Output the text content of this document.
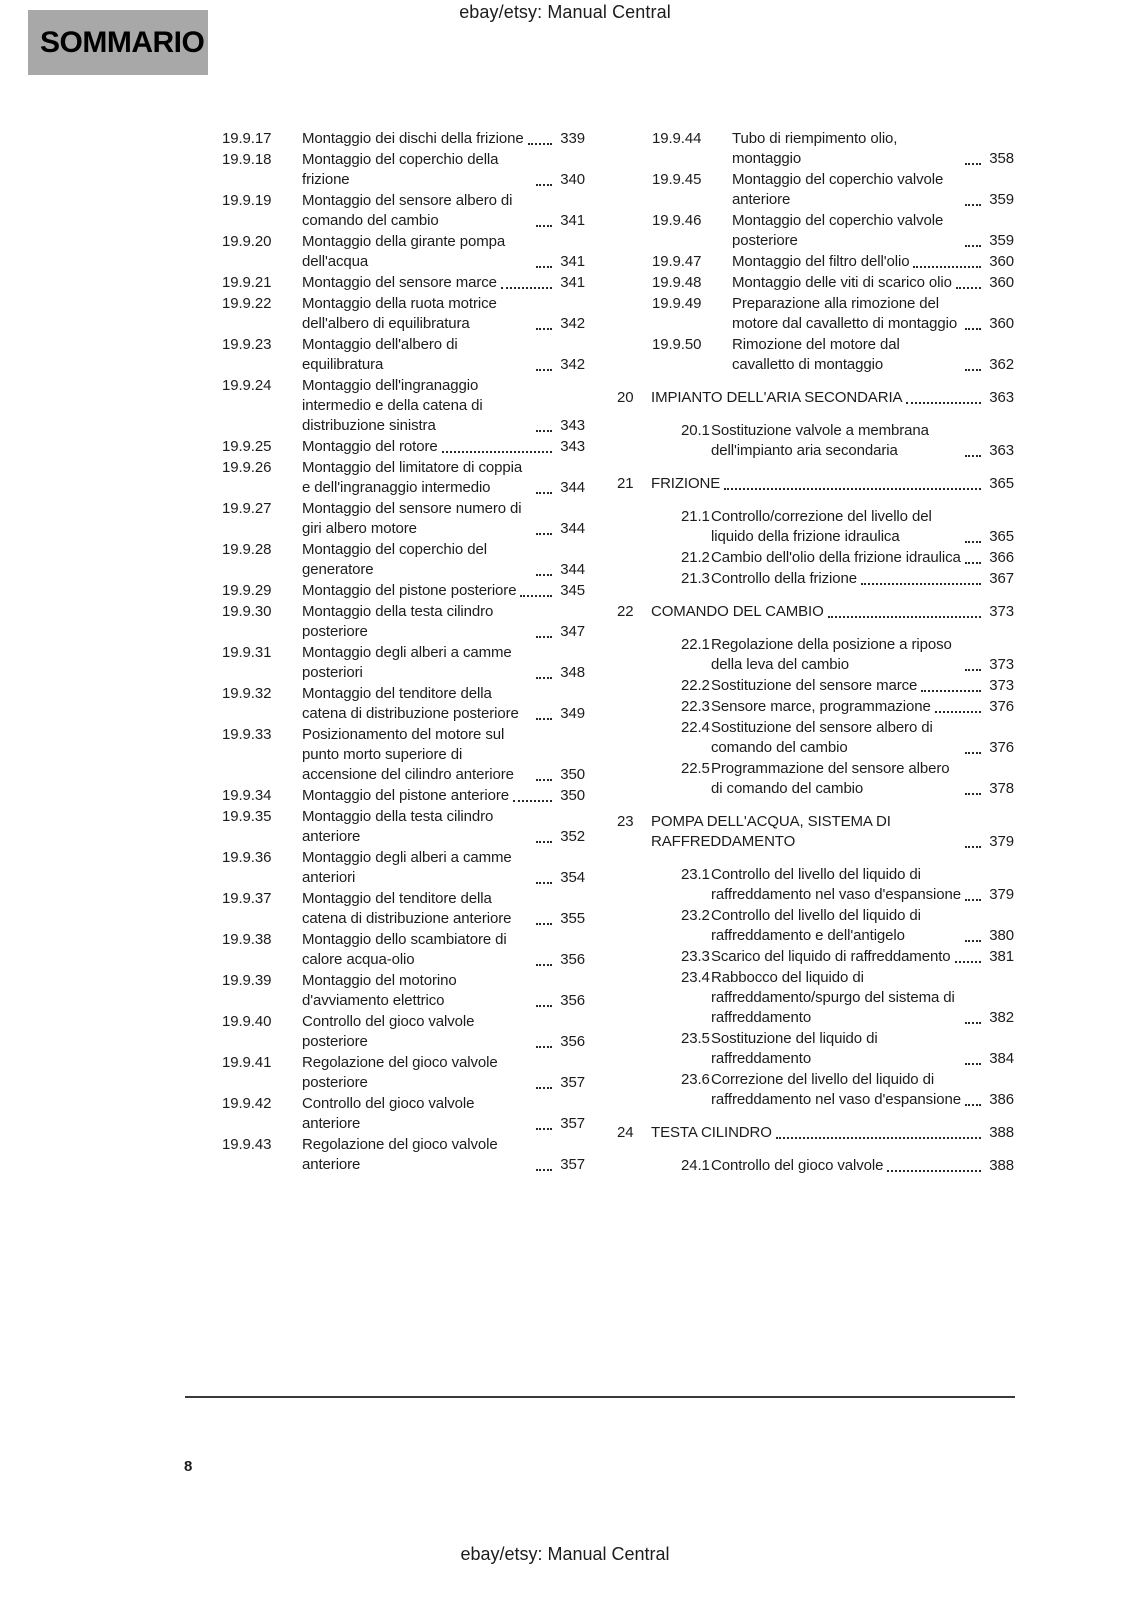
ebay/etsy: Manual Central
SOMMARIO
19.9.17	Montaggio dei dischi della frizione	339
19.9.18	Montaggio del coperchio della frizione	340
19.9.19	Montaggio del sensore albero di comando del cambio	341
19.9.20	Montaggio della girante pompa dell'acqua	341
19.9.21	Montaggio del sensore marce	341
19.9.22	Montaggio della ruota motrice dell'albero di equilibratura	342
19.9.23	Montaggio dell'albero di equilibratura	342
19.9.24	Montaggio dell'ingranaggio intermedio e della catena di distribuzione sinistra	343
19.9.25	Montaggio del rotore	343
19.9.26	Montaggio del limitatore di coppia e dell'ingranaggio intermedio	344
19.9.27	Montaggio del sensore numero di giri albero motore	344
19.9.28	Montaggio del coperchio del generatore	344
19.9.29	Montaggio del pistone posteriore	345
19.9.30	Montaggio della testa cilindro posteriore	347
19.9.31	Montaggio degli alberi a camme posteriori	348
19.9.32	Montaggio del tenditore della catena di distribuzione posteriore	349
19.9.33	Posizionamento del motore sul punto morto superiore di accensione del cilindro anteriore	350
19.9.34	Montaggio del pistone anteriore	350
19.9.35	Montaggio della testa cilindro anteriore	352
19.9.36	Montaggio degli alberi a camme anteriori	354
19.9.37	Montaggio del tenditore della catena di distribuzione anteriore	355
19.9.38	Montaggio dello scambiatore di calore acqua-olio	356
19.9.39	Montaggio del motorino d'avviamento elettrico	356
19.9.40	Controllo del gioco valvole posteriore	356
19.9.41	Regolazione del gioco valvole posteriore	357
19.9.42	Controllo del gioco valvole anteriore	357
19.9.43	Regolazione del gioco valvole anteriore	357
19.9.44	Tubo di riempimento olio, montaggio	358
19.9.45	Montaggio del coperchio valvole anteriore	359
19.9.46	Montaggio del coperchio valvole posteriore	359
19.9.47	Montaggio del filtro dell'olio	360
19.9.48	Montaggio delle viti di scarico olio	360
19.9.49	Preparazione alla rimozione del motore dal cavalletto di montaggio	360
19.9.50	Rimozione del motore dal cavalletto di montaggio	362
20	IMPIANTO DELL'ARIA SECONDARIA	363
20.1 Sostituzione valvole a membrana dell'impianto aria secondaria	363
21	FRIZIONE	365
21.1 Controllo/correzione del livello del liquido della frizione idraulica	365
21.2 Cambio dell'olio della frizione idraulica	366
21.3 Controllo della frizione	367
22	COMANDO DEL CAMBIO	373
22.1 Regolazione della posizione a riposo della leva del cambio	373
22.2 Sostituzione del sensore marce	373
22.3 Sensore marce, programmazione	376
22.4 Sostituzione del sensore albero di comando del cambio	376
22.5 Programmazione del sensore albero di comando del cambio	378
23	POMPA DELL'ACQUA, SISTEMA DI RAFFREDDAMENTO	379
23.1 Controllo del livello del liquido di raffreddamento nel vaso d'espansione	379
23.2 Controllo del livello del liquido di raffreddamento e dell'antigelo	380
23.3 Scarico del liquido di raffreddamento	381
23.4 Rabbocco del liquido di raffreddamento/spurgo del sistema di raffreddamento	382
23.5 Sostituzione del liquido di raffreddamento	384
23.6 Correzione del livello del liquido di raffreddamento nel vaso d'espansione	386
24	TESTA CILINDRO	388
24.1 Controllo del gioco valvole	388
8
ebay/etsy: Manual Central
